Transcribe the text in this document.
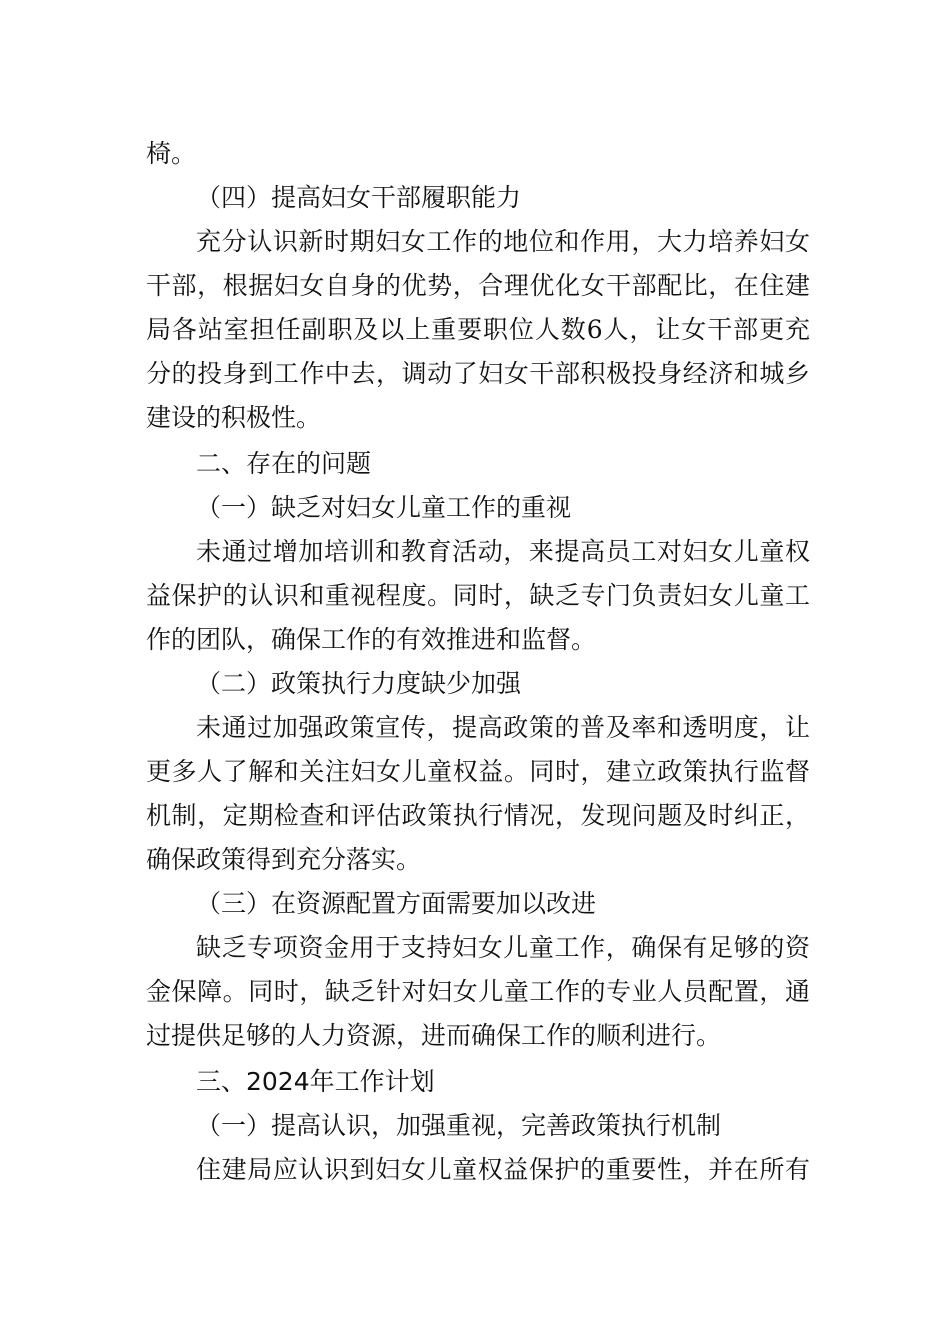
椅。
（四）提高妇女干部履职能力
充分认识新时期妇女工作的地位和作用，大力培养妇女
干部，根据妇女自身的优势，合理优化女干部配比，在住建
局各站室担任副职及以上重要职位人数6人，让女干部更充
分的投身到工作中去，调动了妇女干部积极投身经济和城乡
建设的积极性。
二、存在的问题
（一）缺乏对妇女儿童工作的重视
未通过增加培训和教育活动，来提高员工对妇女儿童权
益保护的认识和重视程度。同时，缺乏专门负责妇女儿童工
作的团队，确保工作的有效推进和监督。
（二）政策执行力度缺少加强
未通过加强政策宣传，提高政策的普及率和透明度，让
更多人了解和关注妇女儿童权益。同时，建立政策执行监督
机制，定期检查和评估政策执行情况，发现问题及时纠正，
确保政策得到充分落实。
（三）在资源配置方面需要加以改进
缺乏专项资金用于支持妇女儿童工作，确保有足够的资
金保障。同时，缺乏针对妇女儿童工作的专业人员配置，通
过提供足够的人力资源，进而确保工作的顺利进行。
三、2024年工作计划
（一）提高认识，加强重视，完善政策执行机制
住建局应认识到妇女儿童权益保护的重要性，并在所有
